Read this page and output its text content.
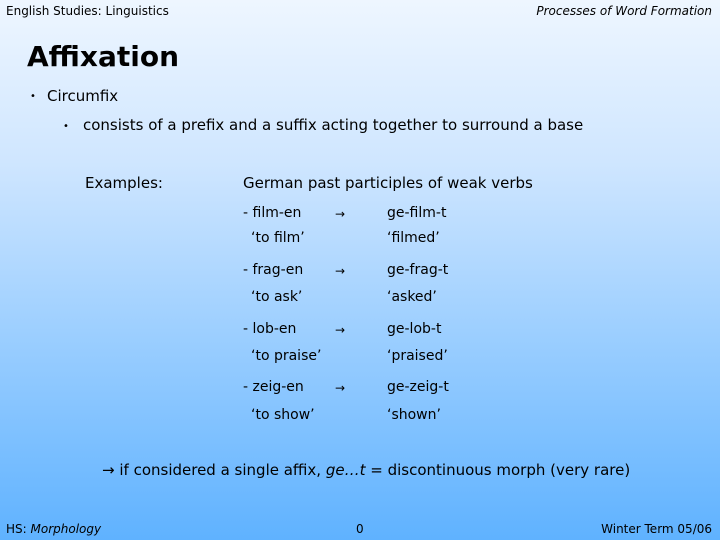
English Studies: Linguistics	Processes of Word Formation
Affixation
• Circumfix
• consists of a prefix and a suffix acting together to surround a base
Examples:	German past participles of weak verbs
- film-en	→	ge-film-t
‘to film’	‘filmed’
- frag-en	→	ge-frag-t
‘to ask’	‘asked’
- lob-en	→	ge-lob-t
‘to praise’	‘praised’
- zeig-en	→	ge-zeig-t
‘to show’	‘shown’
→ if considered a single affix, ge…t = discontinuous morph (very rare)
HS: Morphology	0	Winter Term 05/06
